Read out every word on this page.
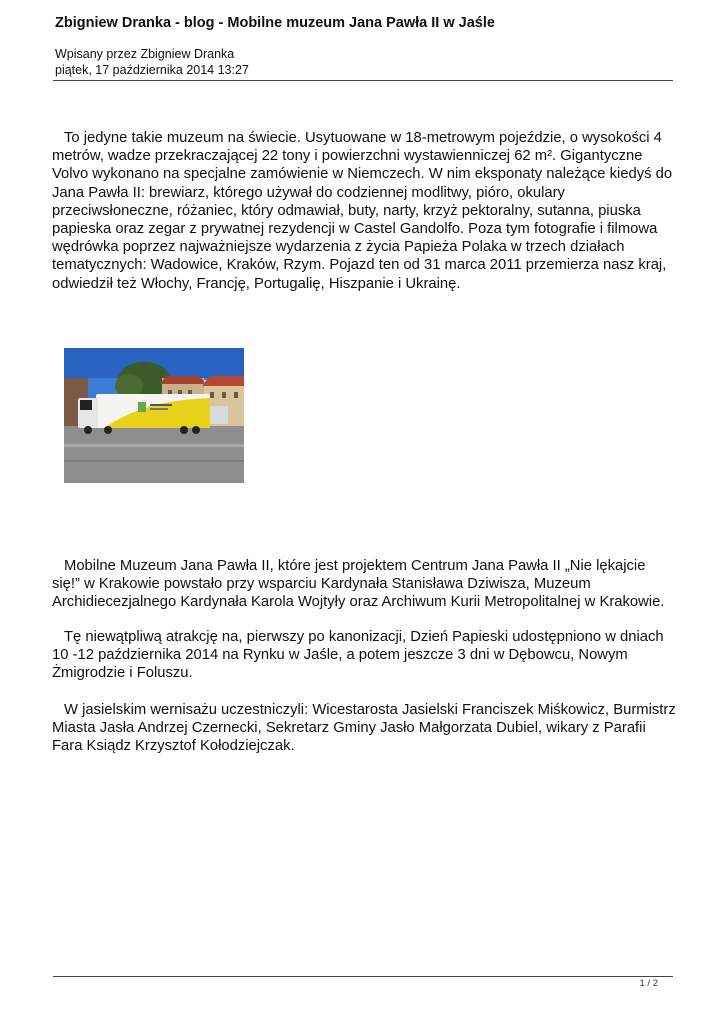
Zbigniew Dranka - blog - Mobilne muzeum Jana Pawła II w Jaśle
Wpisany przez Zbigniew Dranka
piątek, 17 października 2014 13:27

To jedyne takie muzeum na świecie. Usytuowane w 18-metrowym pojeździe, o wysokości 4 metrów, wadze przekraczającej 22 tony i powierzchni wystawienniczej 62 m². Gigantyczne Volvo wykonano na specjalne zamówienie w Niemczech. W nim eksponaty należące kiedyś do Jana Pawła II: brewiarz, którego używał do codziennej modlitwy, pióro, okulary przeciwsłoneczne, różaniec, który odmawiał, buty, narty, krzyż pektoralny, sutanna, piuska papieska oraz zegar z prywatnej rezydencji w Castel Gandolfo. Poza tym fotografie i filmowa wędrówka poprzez najważniejsze wydarzenia z życia Papieża Polaka w trzech działach tematycznych: Wadowice, Kraków, Rzym. Pojazd ten od 31 marca 2011 przemierza nasz kraj, odwiedził też Włochy, Francję, Portugalię, Hiszpanie i Ukrainę.

Mobilne Muzeum Jana Pawła II, które jest projektem Centrum Jana Pawła II „Nie lękajcie się!” w Krakowie powstało przy wsparciu Kardynała Stanisława Dziwisza, Muzeum Archidiecezjalnego Kardynała Karola Wojtyły oraz Archiwum Kurii Metropolitalnej w Krakowie.

Tę niewątpliwą atrakcję na, pierwszy po kanonizacji, Dzień Papieski udostępniono w dniach 10 -12 października 2014 na Rynku w Jaśle, a potem jeszcze 3 dni w Dębowcu, Nowym Żmigrodzie i Foluszu.

W jasielskim wernisażu uczestniczyli: Wicestarosta Jasielski Franciszek Miśkowicz, Burmistrz Miasta Jasła Andrzej Czernecki, Sekretarz Gminy Jasło Małgorzata Dubiel, wikary z Parafii Fara Ksiądz Krzysztof Kołodziejczak.

1 / 2
